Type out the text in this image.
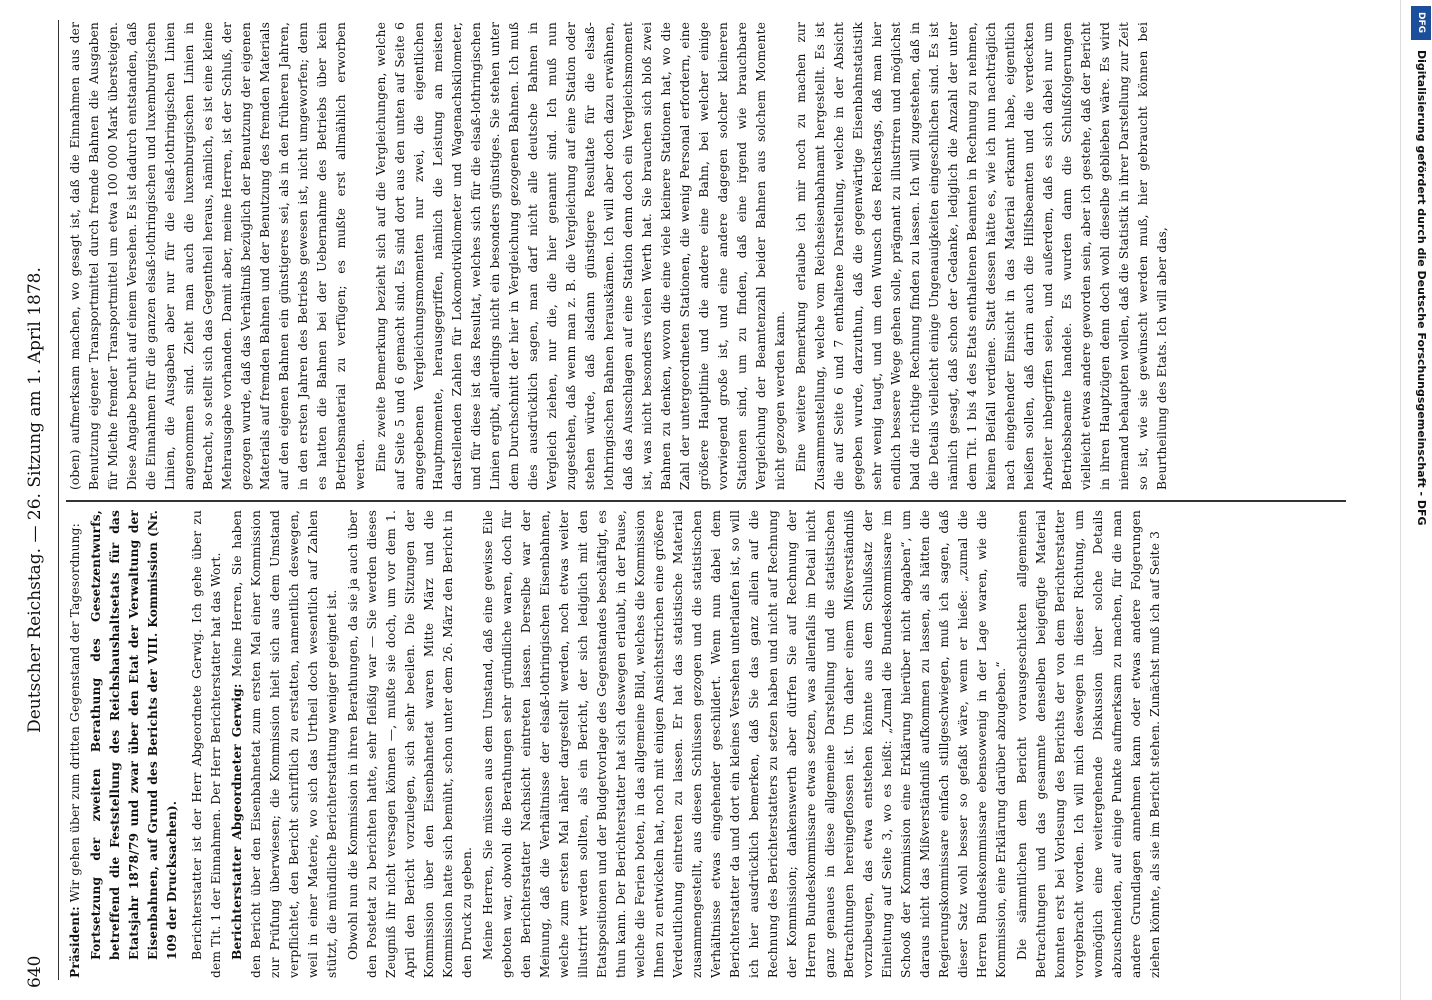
640
Deutscher Reichstag. — 26. Sitzung am 1. April 1878.

Präsident: Wir gehen über zum dritten Gegenstand der Tagesordnung: Fortsetzung der zweiten Berathung des Gesetzentwurfs, betreffend die Feststellung des Reichshaushaltsetats für das Etatsjahr 1878/79 und zwar über den Etat der Verwaltung der Eisenbahnen, auf Grund des Berichts der VIII. Kommission (Nr. 109 der Drucksachen). Berichterstatter ist der Herr Abgeordnete Gerwig. Ich gehe über zu dem Tit. 1 der Einnahmen. Der Herr Berichterstatter hat das Wort. Berichterstatter Abgeordneter Gerwig: Meine Herren, Sie haben den Bericht über den Eisenbahnetat zum ersten Mal einer Kommission zur Prüfung überwiesen; die Kommission hielt sich aus dem Umstand verpflichtet, den Bericht schriftlich zu erstatten, namentlich deswegen, weil in einer Materie, wo sich das Urtheil doch wesentlich auf Zahlen stützt, die mündliche Berichterstattung weniger geeignet ist. Obwohl nun die Kommission in ihren Berathungen, da sie ja auch über den Postetat zu berichten hatte, sehr fleißig war — Sie werden dieses Zeugniß ihr nicht versagen können —, mußte sie doch, um vor dem 1. April den Bericht vorzulegen, sich sehr beeilen. Die Sitzungen der Kommission über den Eisenbahnetat waren Mitte März und die Kommission hatte sich bemüht, schon unter dem 26. März den Bericht in den Druck zu geben. Meine Herren, Sie müssen aus dem Umstand, daß eine gewisse Eile geboten war, obwohl die Berathungen sehr gründliche waren, doch für den Berichterstatter Nachsicht eintreten lassen. Derselbe war der Meinung, daß die Verhältnisse der elsaß-lothringischen Eisenbahnen, welche zum ersten Mal näher dargestellt werden, noch etwas weiter illustrirt werden sollten, als ein Bericht, der sich lediglich mit den Etatspositionen und der Budgetvorlage des Gegenstandes beschäftigt, es thun kann. Der Berichterstatter hat sich deswegen erlaubt, in der Pause, welche die Ferien boten, in das allgemeine Bild, welches die Kommission Ihnen zu entwickeln hat, noch mit einigen Ansichtsstrichen eine größere Verdeutlichung eintreten zu lassen. Er hat das statistische Material zusammengestellt, aus diesen Schlüssen gezogen und die statistischen Verhältnisse etwas eingehender geschildert. Wenn nun dabei dem Berichterstatter da und dort ein kleines Versehen unterlaufen ist, so will ich hier ausdrücklich bemerken, daß Sie das ganz allein auf die Rechnung des Berichterstatters zu setzen haben und nicht auf Rechnung der Kommission; dankenswerth aber dürfen Sie auf Rechnung der Herren Bundeskommissare etwas setzen, was allenfalls im Detail nicht ganz genaues in diese allgemeine Darstellung und die statistischen Betrachtungen hereingeflossen ist. Um daher einem Mißverständniß vorzubeugen, das etwa entstehen könnte aus dem Schlußsatz der Einleitung auf Seite 3, wo es heißt: „Zumal die Bundeskommissare im Schooß der Kommission eine Erklärung hierüber nicht abgaben“, um daraus nicht das Mißverständniß aufkommen zu lassen, als hätten die Regierungskommissare einfach stillgeschwiegen, muß ich sagen, daß dieser Satz wohl besser so gefaßt wäre, wenn er hieße: „zumal die Herren Bundeskommissare ebensowenig in der Lage waren, wie die Kommission, eine Erklärung darüber abzugeben.“ Die sämmtlichen dem Bericht vorausgeschickten allgemeinen Betrachtungen und das gesammte denselben beigefügte Material konnten erst bei Vorlesung des Berichts der von dem Berichterstatter vorgebracht worden. Ich will mich deswegen in dieser Richtung, um womöglich eine weitergehende Diskussion über solche Details abzuschneiden, auf einige Punkte aufmerksam zu machen, für die man andere Grundlagen annehmen kann oder etwas andere Folgerungen ziehen könnte, als sie im Bericht stehen. Zunächst muß ich auf Seite 3

(oben) aufmerksam machen, wo gesagt ist, daß die Einnahmen aus der Benutzung eigener Transportmittel durch fremde Bahnen die Ausgaben für Miethe fremder Transportmittel um etwa 100 000 Mark übersteigen. Diese Angabe beruht auf einem Versehen. Es ist dadurch entstanden, daß die Einnahmen für die ganzen elsaß-lothringischen und luxemburgischen Linien, die Ausgaben aber nur für die elsaß-lothringischen Linien angenommen sind. Zieht man auch die luxemburgischen Linien in Betracht, so stellt sich das Gegentheil heraus, nämlich, es ist eine kleine Mehrausgabe vorhanden. Damit aber, meine Herren, ist der Schluß, der gezogen wurde, daß das Verhältniß bezüglich der Benutzung der eigenen Materials auf fremden Bahnen und der Benutzung des fremden Materials auf den eigenen Bahnen ein günstigeres sei, als in den früheren Jahren, in den ersten Jahren des Betriebs gewesen ist, nicht umgeworfen; denn es hatten die Bahnen bei der Uebernahme des Betriebs über kein Betriebsmaterial zu verfügen; es mußte erst allmählich erworben werden. Eine zweite Bemerkung bezieht sich auf die Vergleichungen, welche auf Seite 5 und 6 gemacht sind. Es sind dort aus den unten auf Seite 6 angegebenen Vergleichungsmomenten nur zwei, die eigentlichen Hauptmomente, herausgegriffen, nämlich die Leistung an meisten darstellenden Zahlen für Lokomotivkilometer und Wagenachskilometer, und für diese ist das Resultat, welches sich für die elsaß-lothringischen Linien ergibt, allerdings nicht ein besonders günstiges. Sie stehen unter dem Durchschnitt der hier in Vergleichung gezogenen Bahnen. Ich muß dies ausdrücklich sagen, man darf nicht alle deutsche Bahnen in Vergleich ziehen, nur die, die hier genannt sind. Ich muß nun zugestehen, daß wenn man z. B. die Vergleichung auf eine Station oder stehen würde, daß alsdann günstigere Resultate für die elsaß-lothringischen Bahnen herauskämen. Ich will aber doch dazu erwähnen, daß das Ausschlagen auf eine Station denn doch ein Vergleichsmoment ist, was nicht besonders vielen Werth hat. Sie brauchen sich bloß zwei Bahnen zu denken, wovon die eine viele kleinere Stationen hat, wo die Zahl der untergeordneten Stationen, die wenig Personal erfordern, eine größere Hauptlinie und die andere eine Bahn, bei welcher einige vorwiegend große ist, und eine andere dagegen solcher kleineren Stationen sind, um zu finden, daß eine irgend wie brauchbare Vergleichung der Beamtenzahl beider Bahnen aus solchem Momente nicht gezogen werden kann. Eine weitere Bemerkung erlaube ich mir noch zu machen zur Zusammenstellung, welche vom Reichseisenbahnamt hergestellt. Es ist die auf Seite 6 und 7 enthaltene Darstellung, welche in der Absicht gegeben wurde, darzuthun, daß die gegenwärtige Eisenbahnstatistik sehr wenig taugt, und um den Wunsch des Reichstags, daß man hier endlich bessere Wege gehen solle, prägnant zu illustriren und möglichst bald die richtige Rechnung finden zu lassen. Ich will zugestehen, daß in die Details vielleicht einige Ungenauigkeiten eingeschlichen sind. Es ist nämlich gesagt, daß schon der Gedanke, lediglich die Anzahl der unter dem Tit. 1 bis 4 des Etats enthaltenen Beamten in Rechnung zu nehmen, keinen Beifall verdiene. Statt dessen hätte es, wie ich nun nachträglich nach eingehender Einsicht in das Material erkannt habe, eigentlich heißen sollen, daß darin auch die Hilfsbeamten und die verdeckten Arbeiter inbegriffen seien, und außerdem, daß es sich dabei nur um Betriebsbeamte handele. Es wurden dann die Schlußfolgerungen vielleicht etwas andere geworden sein, aber ich gestehe, daß der Bericht in ihren Hauptzügen denn doch wohl dieselbe geblieben wäre. Es wird niemand behaupten wollen, daß die Statistik in ihrer Darstellung zur Zeit so ist, wie sie gewünscht werden muß, hier gebraucht können bei Beurtheilung des Etats. Ich will aber das,	Digitalisierung gefördert durch die Deutsche Forschungsgemeinschaft - DFG
DFG
